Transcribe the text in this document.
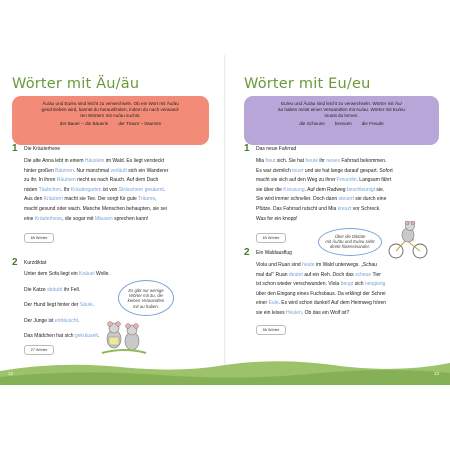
Wörter mit Äu/äu
Äu/äu und Eu/eu sind leicht zu verwechseln. Ob ein Wort mit Äu/äu
geschrieben wird, kannst du herausfinden, indem du nach verwand-
ten Wörtern mit Au/au suchst.
der Bauer – die Bäuerin der Traum – träumen
1 Die Kräuterhexe
Die alte Anna lebt in einem Häuslein im Wald. Es liegt versteckt
hinter großen Bäumen. Nur manchmal verläuft sich ein Wanderer
zu ihr. In ihren Räumen riecht es nach Rauch. Auf dem Dach
nisten Täubchen. Ihr Kräutergarten ist von Sträuchern gesäumt.
Aus den Kräutern macht sie Tee. Der sorgt für gute Träume,
macht gesund oder wach. Manche Menschen behaupten, sie sei
eine Kräuterhexe, die sogar mit Mäusen sprechen kann!
69 Wörter
2 Kurzdiktat
Unter dem Sofa liegt ein Knäuel Wolle.
Die Katze sträubt ihr Fell.
Der Hund liegt hinter der Säule.
Der Junge ist enttäuscht.
Das Mädchen hat sich gekräuselt.
27 Wörter
Es gibt nur wenige
Wörter mit äu, die
keinen Verwandten
mit au haben.
Wörter mit Eu/eu
Eu/eu und Äu/äu sind leicht zu verwechseln. Wörter mit Äu/
äu haben meist einen Verwandten mit Au/au. Wörter mit Eu/eu
musst du lernen.
die Scheune bereuen die Freude
1 Das neue Fahrrad
Mia freut sich. Sie hat heute ihr neues Fahrrad bekommen.
Es war ziemlich teuer und sie hat lange darauf gespart. Sofort
macht sie sich auf den Weg zu ihrer Freundin. Langsam fährt
sie über die Kreuzung. Auf dem Radweg beschleunigt sie.
Sie wird immer schneller. Doch dann steuert sie durch eine
Pfütze. Das Fahrrad rutscht und Mia kreuzt vor Schreck.
Was for ein knopp!
63 Wörter	Über die Diktate
mit Äu/äu und Eu/eu sieht
direkt hintereinander.
2 Ein Waldausflug
Viola und Ruan sind heute im Wald unterwegs. „Schau
mal da!" Ruan deutet auf ein Reh. Doch das scheue Tier
ist schon wieder verschwunden. Viola beugt sich neugierig
über den Eingang eines Fuchsbaus. Da erklingt der Schrei
einer Eule. Es wird schon dunkel! Auf dem Heimweg hören
sie ein leises Heulen. Ob das ein Wolf ist?
56 Wörter
12	13
